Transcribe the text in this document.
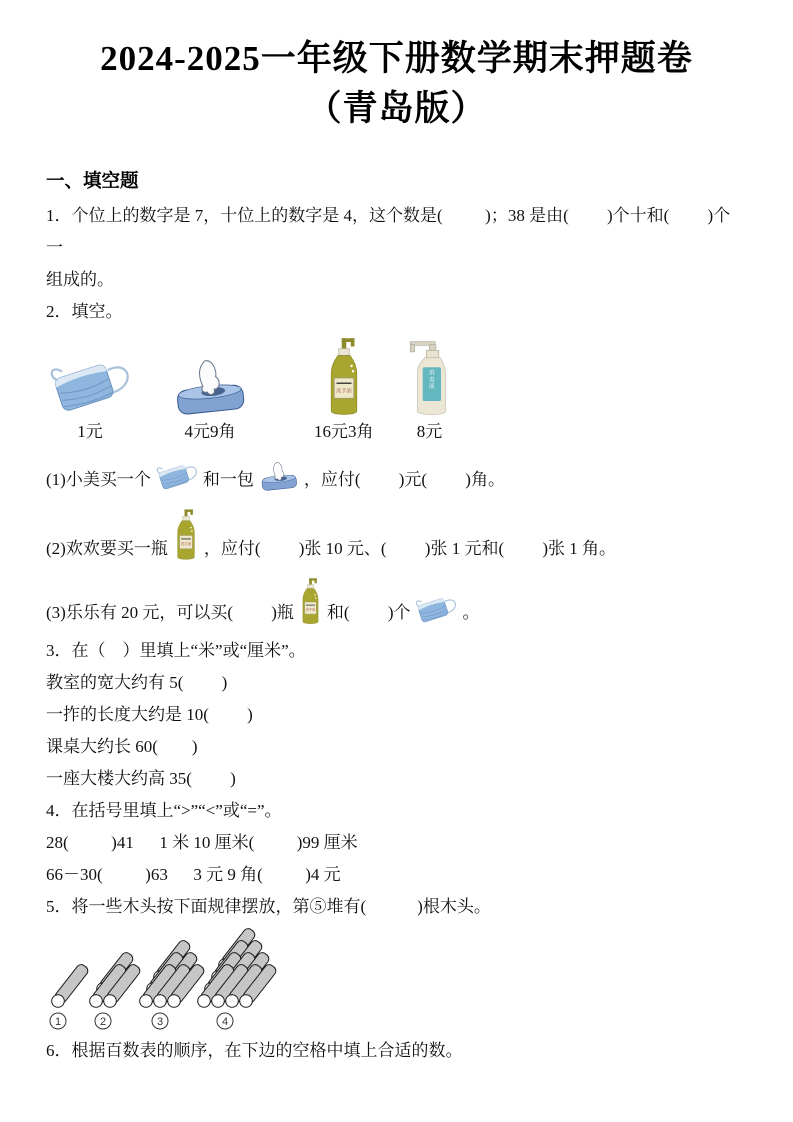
2024-2025一年级下册数学期末押题卷
（青岛版）
一、填空题
1．个位上的数字是 7，十位上的数字是 4，这个数是(          )；38 是由(         )个十和(         )个一
组成的。
2．填空。
1元	4元9角	16元3角	8元
(1)小美买一个	和一包	，应付(         )元(         )角。
(2)欢欢要买一瓶 ，应付(         )张 10 元、(         )张 1 元和(         )张 1 角。
(3)乐乐有 20 元，可以买(         )瓶 和(         )个	。
3．在（　）里填上“米”或“厘米”。
教室的宽大约有 5(         )
一拃的长度大约是 10(         )
课桌大约长 60(        )
一座大楼大约高 35(         )
4．在括号里填上“>”“<”或“=”。
28(          )41      1 米 10 厘米(          )99 厘米
66－30(          )63      3 元 9 角(          )4 元
5．将一些木头按下面规律摆放，第⑤堆有(            )根木头。
1	2	3	4
6．根据百数表的顺序，在下边的空格中填上合适的数。
